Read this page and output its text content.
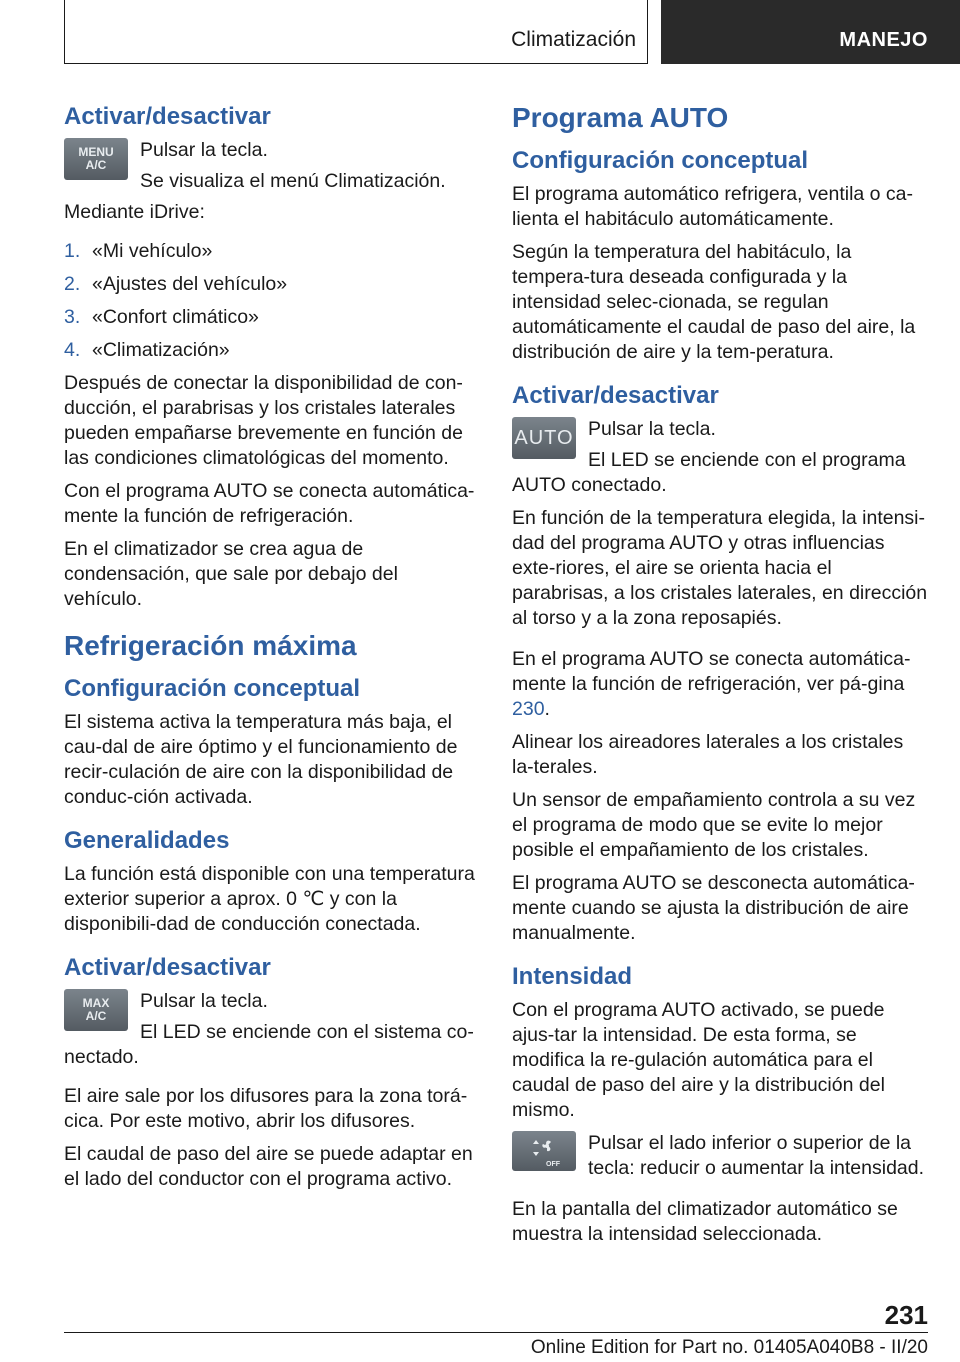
Climatización	MANEJO
Activar/desactivar
MENU
A/C

Pulsar la tecla.

Se visualiza el menú Climatización.

Mediante iDrive:

1. «Mi vehículo»
2. «Ajustes del vehículo»
3. «Confort climático»
4. «Climatización»

Después de conectar la disponibilidad de con-ducción, el parabrisas y los cristales laterales pueden empañarse brevemente en función de las condiciones climatológicas del momento.

Con el programa AUTO se conecta automática-mente la función de refrigeración.

En el climatizador se crea agua de condensación, que sale por debajo del vehículo.

Refrigeración máxima
Configuración conceptual

El sistema activa la temperatura más baja, el cau-dal de aire óptimo y el funcionamiento de recir-culación de aire con la disponibilidad de conduc-ción activada.

Generalidades

La función está disponible con una temperatura exterior superior a aprox. 0 ℃ y con la disponibili-dad de conducción conectada.

Activar/desactivar
MAX
A/C

Pulsar la tecla.

El LED se enciende con el sistema co-nectado.

El aire sale por los difusores para la zona torá-cica. Por este motivo, abrir los difusores.

El caudal de paso del aire se puede adaptar en el lado del conductor con el programa activo.

Programa AUTO
Configuración conceptual

El programa automático refrigera, ventila o ca-lienta el habitáculo automáticamente.

Según la temperatura del habitáculo, la tempera-tura deseada configurada y la intensidad selec-cionada, se regulan automáticamente el caudal de paso del aire, la distribución de aire y la tem-peratura.

Activar/desactivar
AUTO Pulsar la tecla.

El LED se enciende con el programa AUTO conectado.

En función de la temperatura elegida, la intensi-dad del programa AUTO y otras influencias exte-riores, el aire se orienta hacia el parabrisas, a los cristales laterales, en dirección al torso y a la zona reposapiés.

En el programa AUTO se conecta automática-mente la función de refrigeración, ver pá-gina 230.

Alinear los aireadores laterales a los cristales la-terales.

Un sensor de empañamiento controla a su vez el programa de modo que se evite lo mejor posible el empañamiento de los cristales.

El programa AUTO se desconecta automática-mente cuando se ajusta la distribución de aire manualmente.

Intensidad

Con el programa AUTO activado, se puede ajus-tar la intensidad. De esta forma, se modifica la re-gulación automática para el caudal de paso del aire y la distribución del mismo.

OFF

Pulsar el lado inferior o superior de la tecla: reducir o aumentar la intensidad.

En la pantalla del climatizador automático se muestra la intensidad seleccionada.

231
Online Edition for Part no. 01405A040B8 - II/20
